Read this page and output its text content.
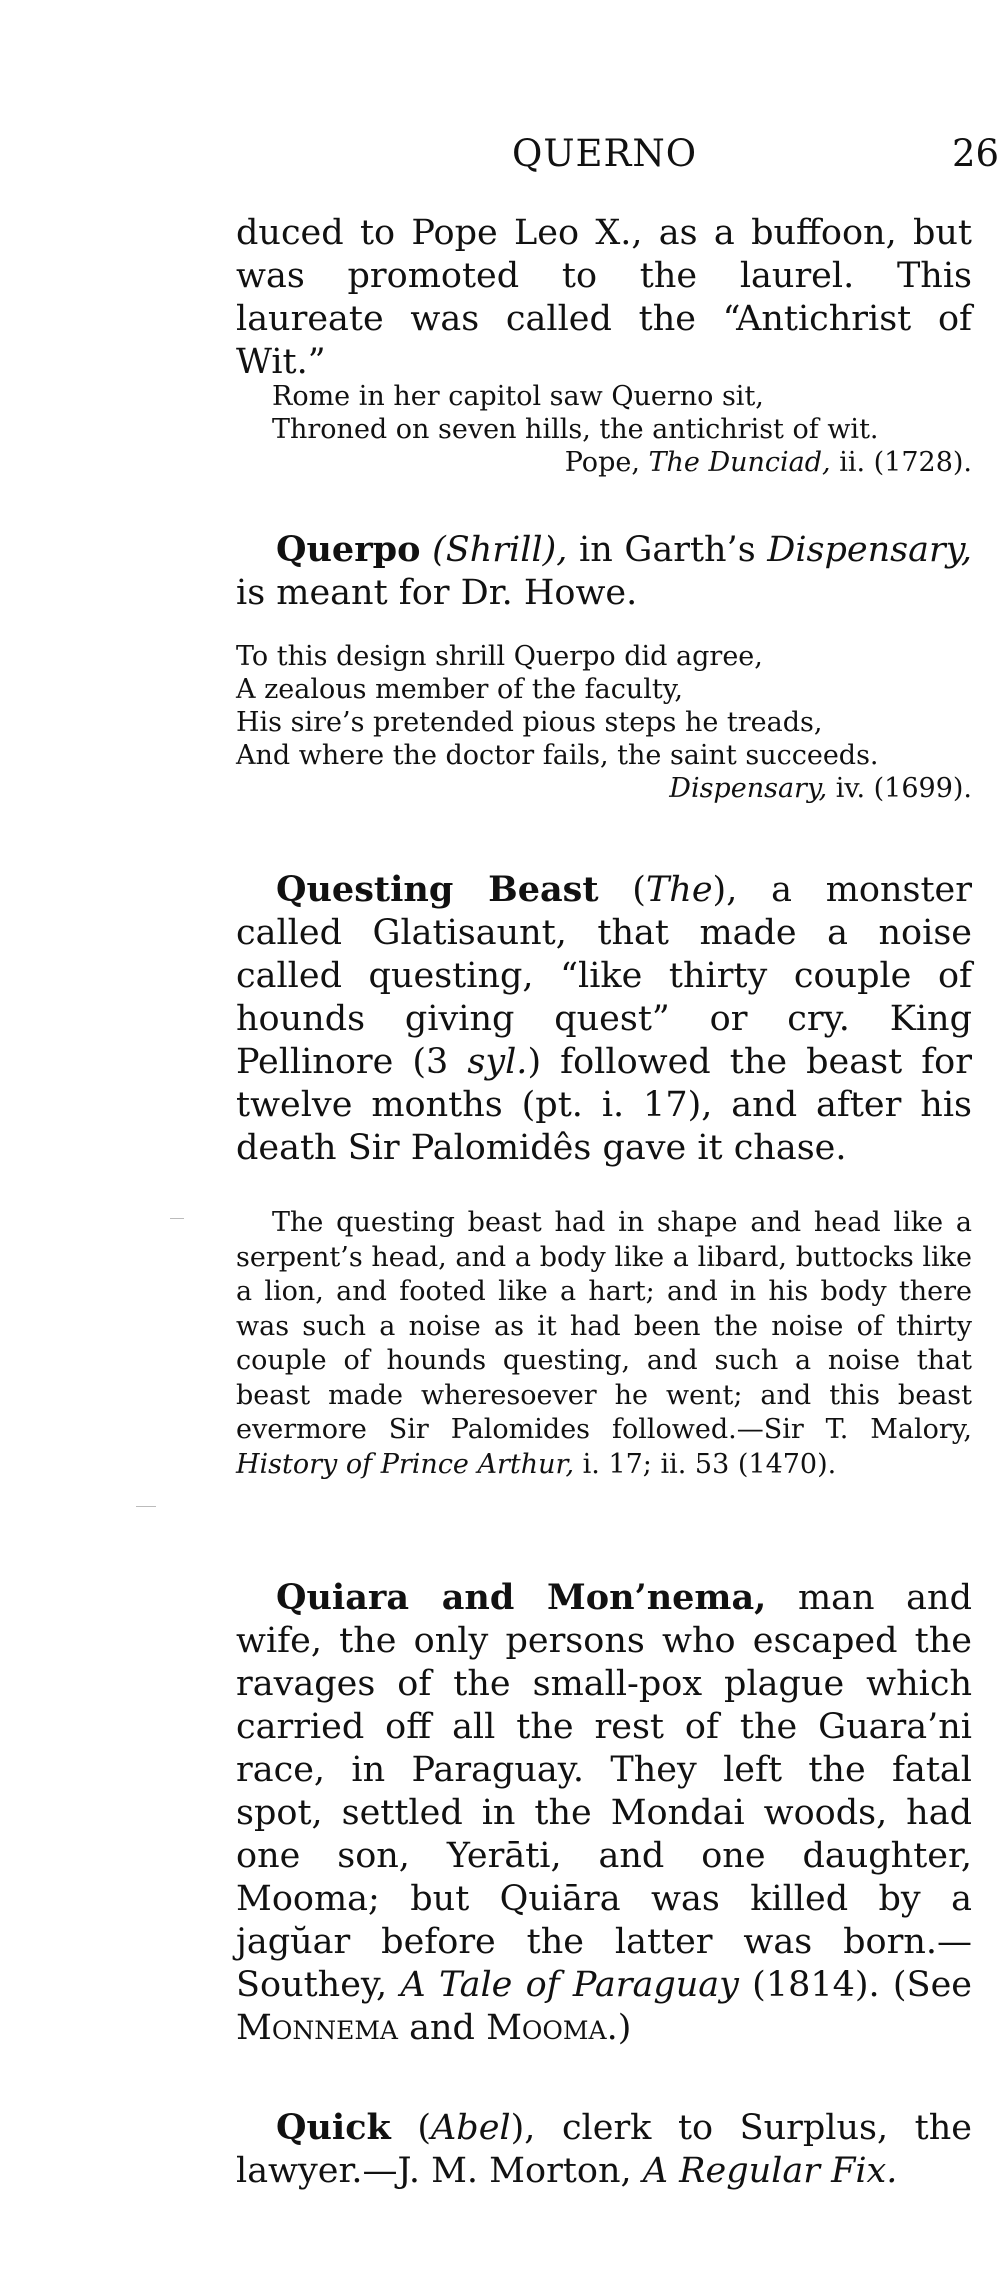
QUERNO	26

duced to Pope Leo X., as a buffoon, but was promoted to the laurel. This laureate was called the “Antichrist of Wit.”

Rome in her capitol saw Querno sit,
Throned on seven hills, the antichrist of wit.
Pope, The Dunciad, ii. (1728).

Querpo (Shrill), in Garth’s Dispensary, is meant for Dr. Howe.

To this design shrill Querpo did agree,
A zealous member of the faculty,
His sire’s pretended pious steps he treads,
And where the doctor fails, the saint succeeds.
Dispensary, iv. (1699).

Questing Beast (The), a monster called Glatisaunt, that made a noise called questing, “like thirty couple of hounds giving quest” or cry. King Pellinore (3 syl.) followed the beast for twelve months (pt. i. 17), and after his death Sir Palomidês gave it chase.

The questing beast had in shape and head like a serpent’s head, and a body like a libard, buttocks like a lion, and footed like a hart; and in his body there was such a noise as it had been the noise of thirty couple of hounds questing, and such a noise that beast made wheresoever he went; and this beast evermore Sir Palomides followed.—Sir T. Malory, History of Prince Arthur, i. 17; ii. 53 (1470).

Quiara and Mon’nema, man and wife, the only persons who escaped the ravages of the small-pox plague which carried off all the rest of the Guara’ni race, in Paraguay. They left the fatal spot, settled in the Mondai woods, had one son, Yerāti, and one daughter, Mooma; but Quiāra was killed by a jagŭar before the latter was born.—Southey, A Tale of Paraguay (1814). (See Monnema and Mooma.)

Quick (Abel), clerk to Surplus, the lawyer.—J. M. Morton, A Regular Fix.
